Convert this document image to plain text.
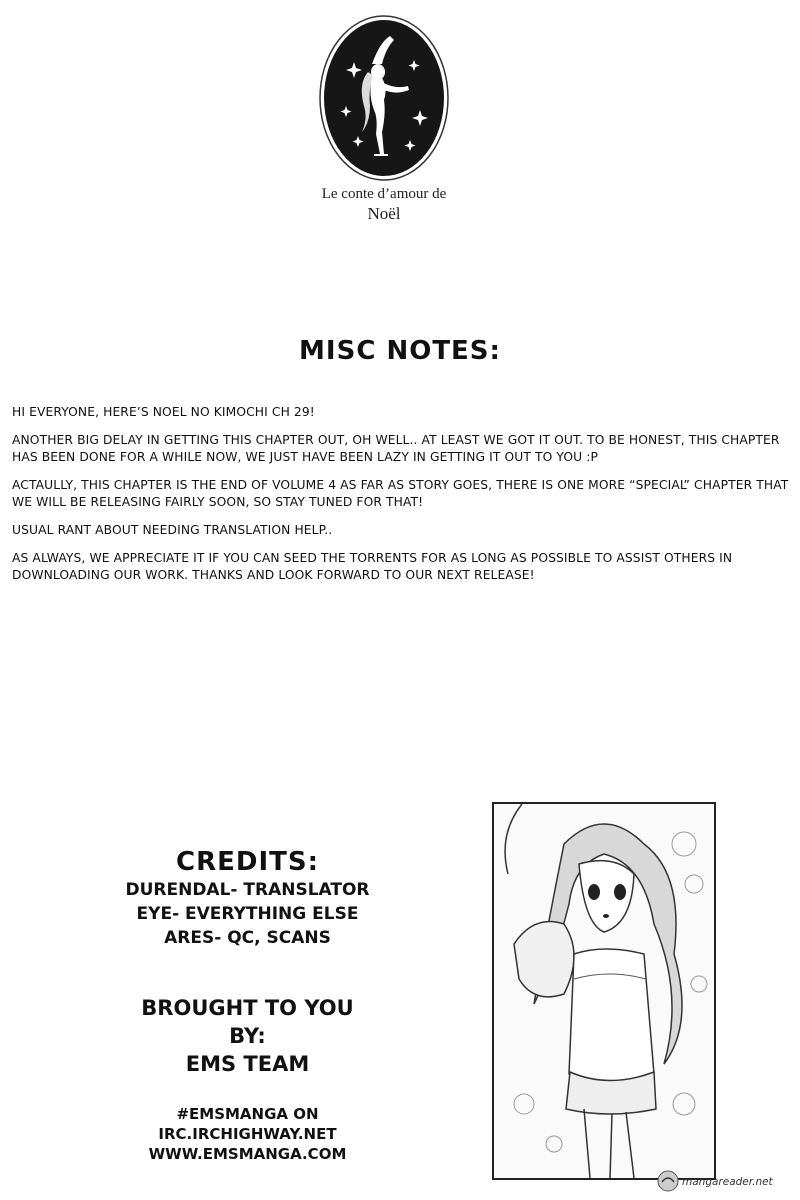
Le conte d’amour de
Noël
MISC NOTES:

HI EVERYONE, HERE’S NOEL NO KIMOCHI CH 29!

ANOTHER BIG DELAY IN GETTING THIS CHAPTER OUT, OH WELL.. AT LEAST WE GOT IT OUT. TO BE HONEST, THIS CHAPTER HAS BEEN DONE FOR A WHILE NOW, WE JUST HAVE BEEN LAZY IN GETTING IT OUT TO YOU :P

ACTAULLY, THIS CHAPTER IS THE END OF VOLUME 4 AS FAR AS STORY GOES, THERE IS ONE MORE “SPECIAL” CHAPTER THAT WE WILL BE RELEASING FAIRLY SOON, SO STAY TUNED FOR THAT!

USUAL RANT ABOUT NEEDING TRANSLATION HELP..

AS ALWAYS, WE APPRECIATE IT IF YOU CAN SEED THE TORRENTS FOR AS LONG AS POSSIBLE TO ASSIST OTHERS IN DOWNLOADING OUR WORK. THANKS AND LOOK FORWARD TO OUR NEXT RELEASE!

CREDITS:
DURENDAL- TRANSLATOR
EYE- EVERYTHING ELSE
ARES- QC, SCANS
BROUGHT TO YOU
BY:
EMS TEAM
#EMSMANGA ON
IRC.IRCHIGHWAY.NET
WWW.EMSMANGA.COM
mangareader.net
